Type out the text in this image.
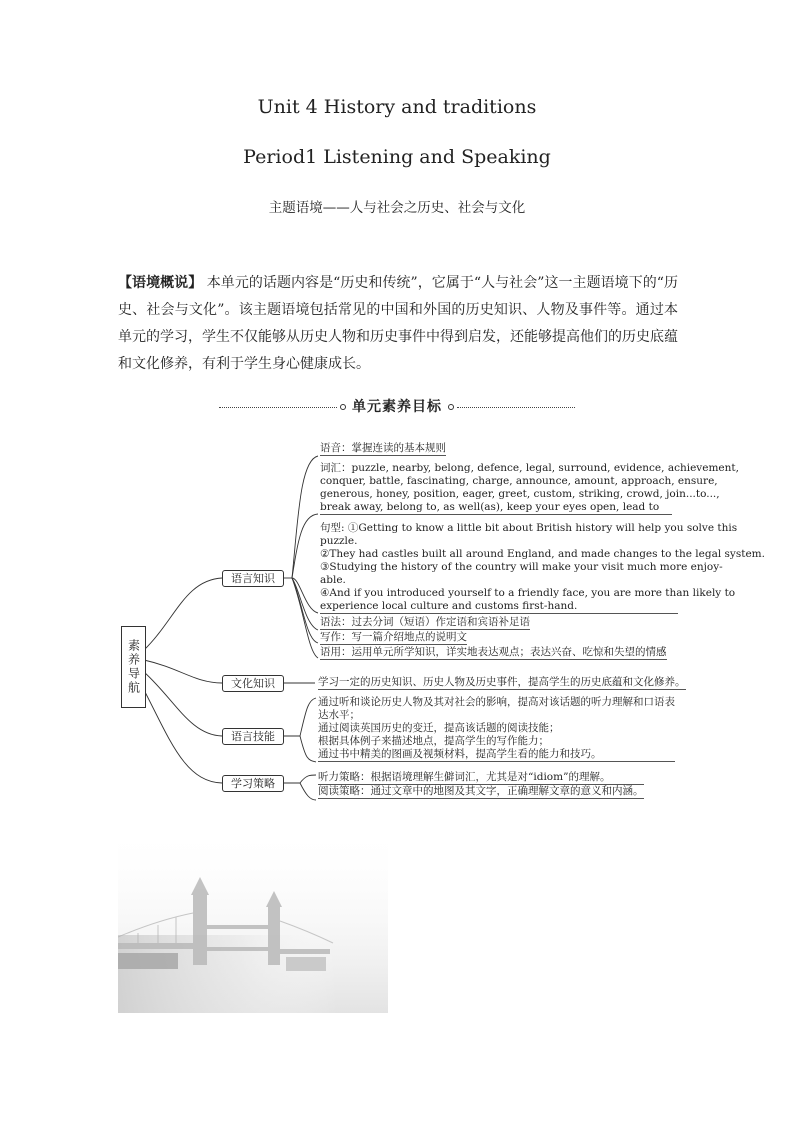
Unit 4 History and traditions
Period1 Listening and Speaking
主题语境——人与社会之历史、社会与文化
【语境概说】 本单元的话题内容是“历史和传统”，它属于“人与社会”这一主题语境下的“历史、社会与文化”。该主题语境包括常见的中国和外国的历史知识、人物及事件等。通过本单元的学习，学生不仅能够从历史人物和历史事件中得到启发，还能够提高他们的历史底蕴和文化修养，有利于学生身心健康成长。
单元素养目标
素养导航
语言知识
语音：掌握连读的基本规则
词汇：puzzle, nearby, belong, defence, legal, surround, evidence, achievement,
conquer, battle, fascinating, charge, announce, amount, approach, ensure,
generous, honey, position, eager, greet, custom, striking, crowd, join...to...,
break away, belong to, as well(as), keep your eyes open, lead to
句型: ①Getting to know a little bit about British history will help you solve this
puzzle.
②They had castles built all around England, and made changes to the legal system.
③Studying the history of the country will make your visit much more enjoy-
able.
④And if you introduced yourself to a friendly face, you are more than likely to
experience local culture and customs first-hand.
语法：过去分词（短语）作定语和宾语补足语
写作：写一篇介绍地点的说明文
语用：运用单元所学知识，详实地表达观点；表达兴奋、吃惊和失望的情感
文化知识	学习一定的历史知识、历史人物及历史事件，提高学生的历史底蕴和文化修养。
语言技能
通过听和谈论历史人物及其对社会的影响，提高对该话题的听力理解和口语表
达水平；
通过阅读英国历史的变迁，提高该话题的阅读技能；
根据具体例子来描述地点，提高学生的写作能力；
通过书中精美的图画及视频材料，提高学生看的能力和技巧。
学习策略	听力策略：根据语境理解生僻词汇，尤其是对“idiom”的理解。
阅读策略：通过文章中的地图及其文字，正确理解文章的意义和内涵。
